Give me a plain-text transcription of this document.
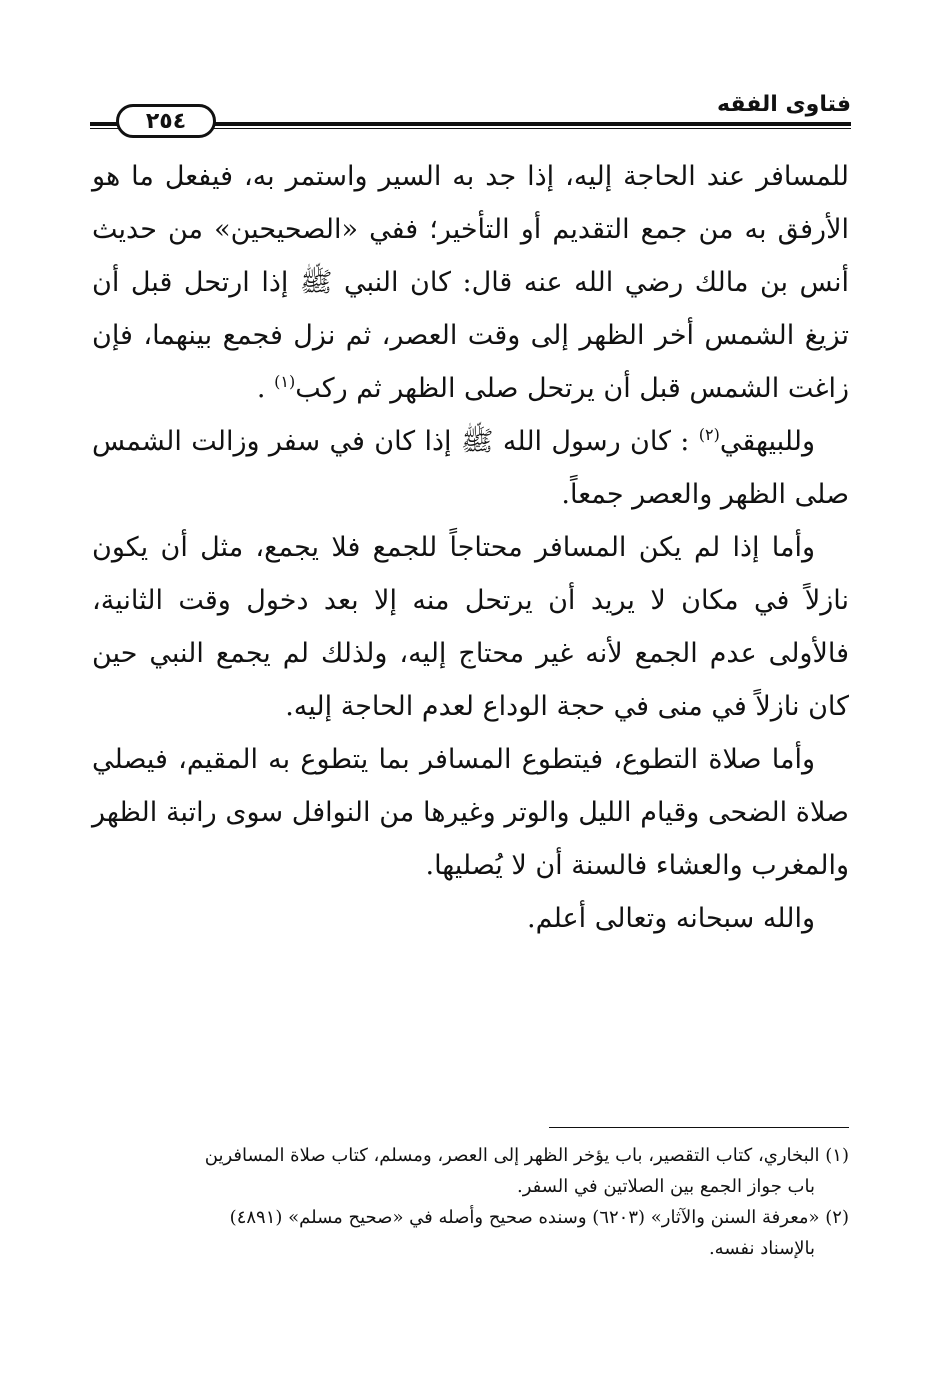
فتاوى الفقه
٢٥٤

للمسافر عند الحاجة إليه، إذا جد به السير واستمر به، فيفعل ما هو الأرفق به من جمع التقديم أو التأخير؛ ففي «الصحيحين» من حديث أنس بن مالك رضي الله عنه قال: كان النبي ﷺ إذا ارتحل قبل أن تزيغ الشمس أخر الظهر إلى وقت العصر، ثم نزل فجمع بينهما، فإن زاغت الشمس قبل أن يرتحل صلى الظهر ثم ركب$^{(١)}$ .

وللبيهقي$^{(٢)}$ : كان رسول الله ﷺ إذا كان في سفر وزالت الشمس صلى الظهر والعصر جمعاً.

وأما إذا لم يكن المسافر محتاجاً للجمع فلا يجمع، مثل أن يكون نازلاً في مكان لا يريد أن يرتحل منه إلا بعد دخول وقت الثانية، فالأولى عدم الجمع لأنه غير محتاج إليه، ولذلك لم يجمع النبي حين كان نازلاً في منى في حجة الوداع لعدم الحاجة إليه.

وأما صلاة التطوع، فيتطوع المسافر بما يتطوع به المقيم، فيصلي صلاة الضحى وقيام الليل والوتر وغيرها من النوافل سوى راتبة الظهر والمغرب والعشاء فالسنة أن لا يُصليها.

والله سبحانه وتعالى أعلم.

(١) البخاري، كتاب التقصير، باب يؤخر الظهر إلى العصر، ومسلم، كتاب صلاة المسافرين

باب جواز الجمع بين الصلاتين في السفر.

(٢) «معرفة السنن والآثار» (٦٢٠٣) وسنده صحيح وأصله في «صحيح مسلم» (٤٨٩١)

بالإسناد نفسه.
